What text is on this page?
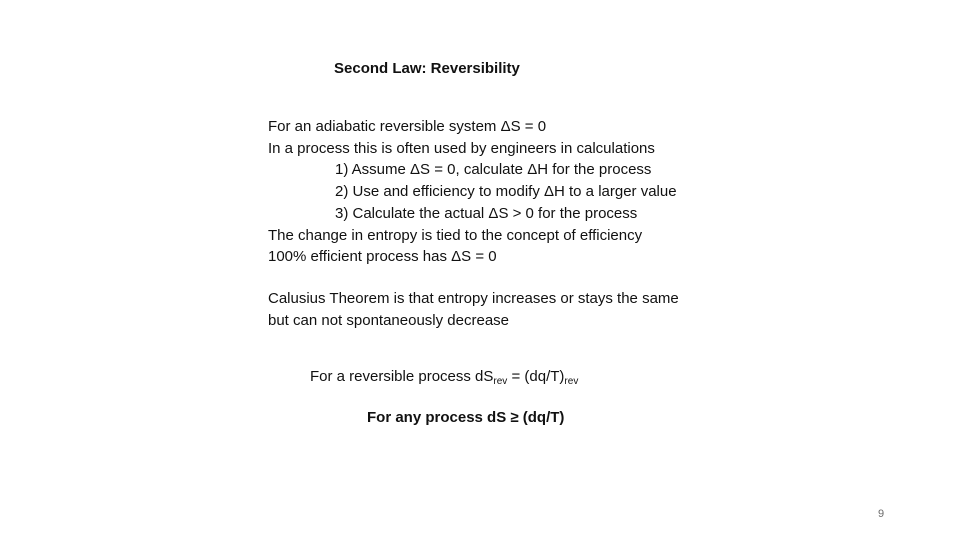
Second Law: Reversibility
For an adiabatic reversible system ΔS = 0
In a process this is often used by engineers in calculations
1) Assume ΔS = 0, calculate ΔH for the process
2) Use and efficiency to modify ΔH to a larger value
3) Calculate the actual ΔS > 0 for the process
The change in entropy is tied to the concept of efficiency
100% efficient process has ΔS = 0
Calusius Theorem is that entropy increases or stays the same
but can not spontaneously decrease
For a reversible process $dS_{rev} = (dq/T)_{rev}$
For any process dS ≥ (dq/T)
9
